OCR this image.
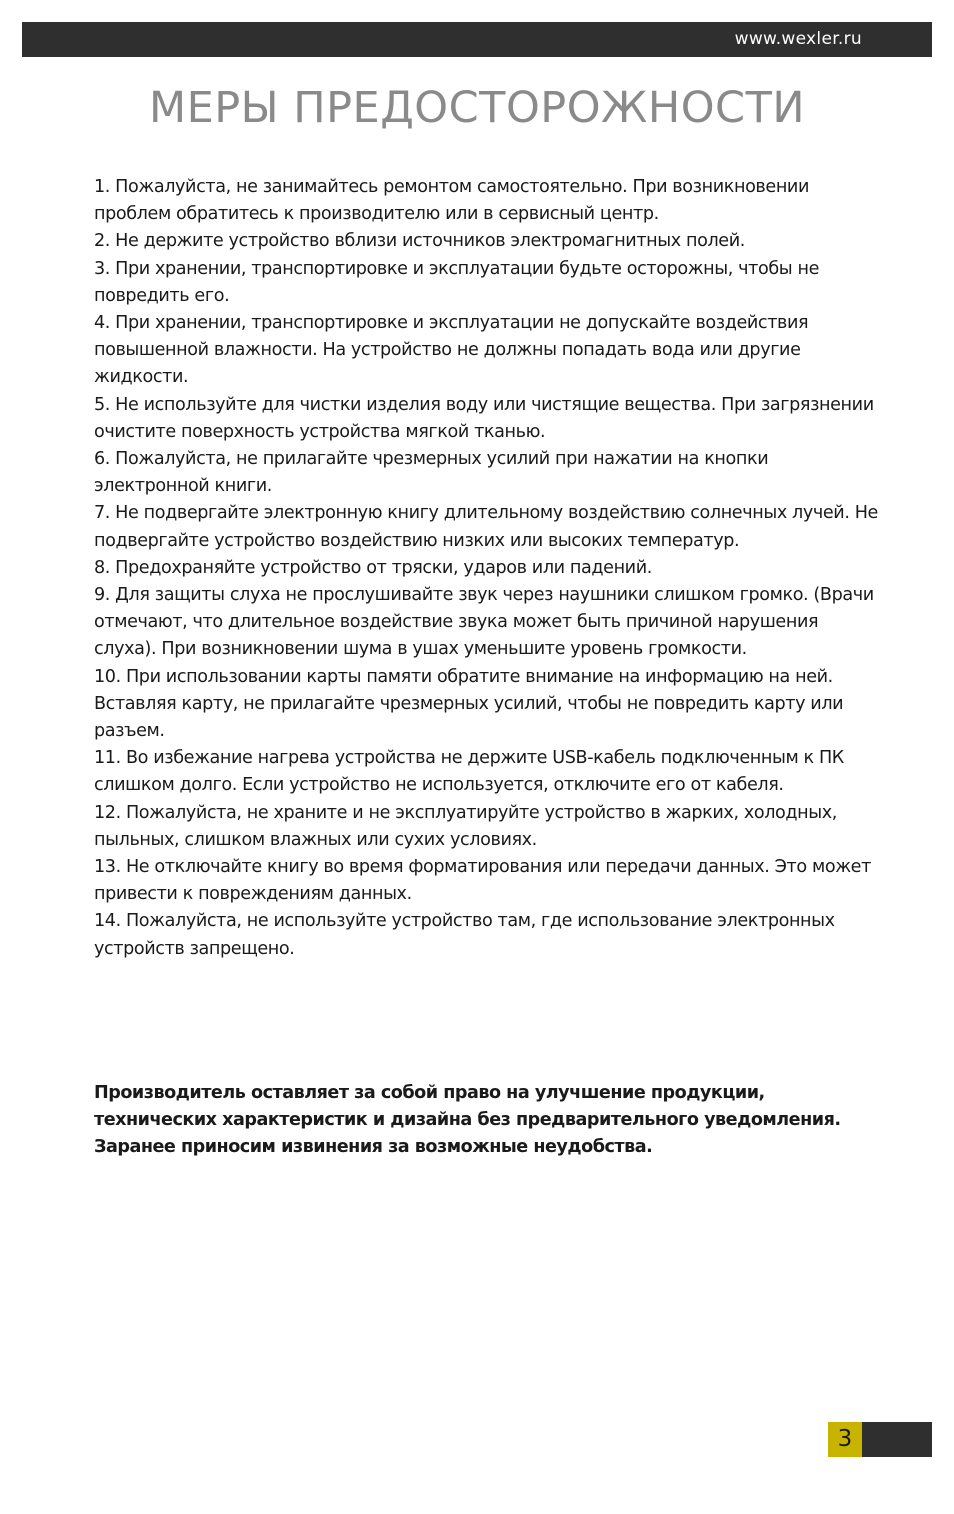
www.wexler.ru
МЕРЫ ПРЕДОСТОРОЖНОСТИ
1. Пожалуйста, не занимайтесь ремонтом самостоятельно. При возникновении проблем обратитесь к производителю или в сервисный центр.
2. Не держите устройство вблизи источников электромагнитных полей.
3. При хранении, транспортировке и эксплуатации будьте осторожны, чтобы не повредить его.
4. При хранении, транспортировке и эксплуатации не допускайте воздействия повышенной влажности. На устройство не должны попадать вода или другие жидкости.
5. Не используйте для чистки изделия воду или чистящие вещества. При загрязнении очистите поверхность устройства мягкой тканью.
6. Пожалуйста, не прилагайте чрезмерных усилий при нажатии на кнопки электронной книги.
7. Не подвергайте электронную книгу длительному воздействию солнечных лучей. Не подвергайте устройство воздействию низких или высоких температур.
8. Предохраняйте устройство от тряски, ударов или падений.
9. Для защиты слуха не прослушивайте звук через наушники слишком громко. (Врачи отмечают, что длительное воздействие звука может быть причиной нарушения слуха). При возникновении шума в ушах уменьшите уровень громкости.
10. При использовании карты памяти обратите внимание на информацию на ней. Вставляя карту, не прилагайте чрезмерных усилий, чтобы не повредить карту или разъем.
11. Во избежание нагрева устройства не держите USB-кабель подключенным к ПК слишком долго. Если устройство не используется, отключите его от кабеля.
12. Пожалуйста, не храните и не эксплуатируйте устройство в жарких, холодных, пыльных, слишком влажных или сухих условиях.
13. Не отключайте книгу во время форматирования или передачи данных. Это может привести к повреждениям данных.
14. Пожалуйста, не используйте устройство там, где использование электронных устройств запрещено.

Производитель оставляет за собой право на улучшение продукции,
технических характеристик и дизайна без предварительного уведомления.
Заранее приносим извинения за возможные неудобства.

3
